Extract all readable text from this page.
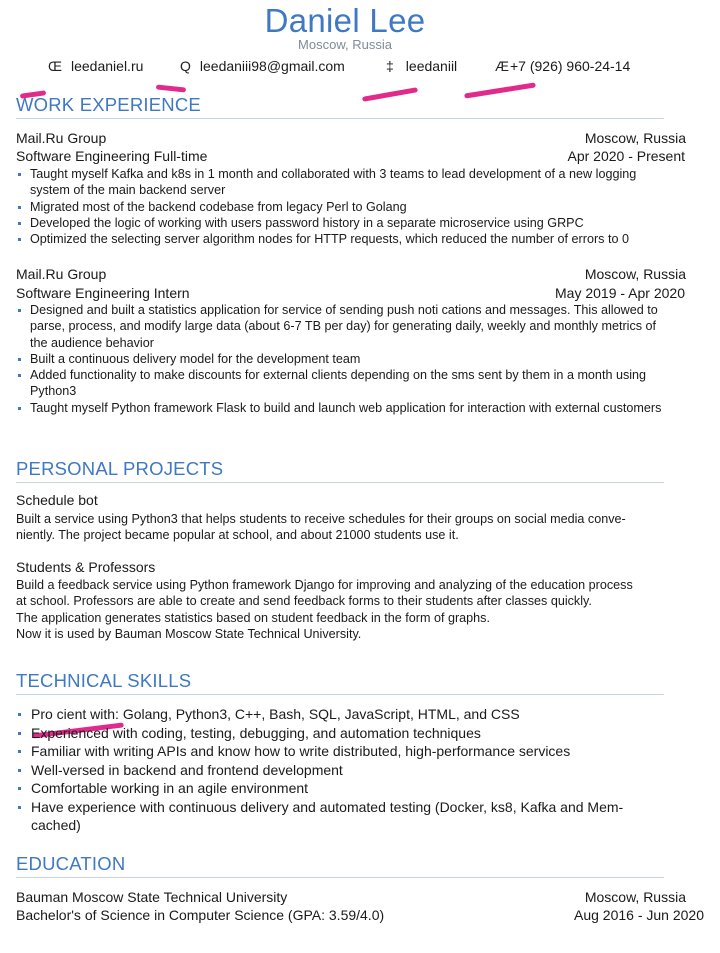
Daniel Lee
Moscow, Russia
Œ leedaniel.ru	Q leedaniii98@gmail.com	‡ leedaniil	Æ+7 (926) 960-24-14
WORK EXPERIENCE
Mail.Ru Group	Moscow, Russia
Software Engineering Full-time	Apr 2020 - Present
Taught myself Kafka and k8s in 1 month and collaborated with 3 teams to lead development of a new logging system of the main backend server
Migrated most of the backend codebase from legacy Perl to Golang
Developed the logic of working with users password history in a separate microservice using GRPC
Optimized the selecting server algorithm nodes for HTTP requests, which reduced the number of errors to 0
Mail.Ru Group	Moscow, Russia
Software Engineering Intern	May 2019 - Apr 2020
Designed and built a statistics application for service of sending push noti cations and messages. This allowed to parse, process, and modify large data (about 6-7 TB per day) for generating daily, weekly and monthly metrics of the audience behavior
Built a continuous delivery model for the development team
Added functionality to make discounts for external clients depending on the sms sent by them in a month using Python3
Taught myself Python framework Flask to build and launch web application for interaction with external customers
PERSONAL PROJECTS
Schedule bot
Built a service using Python3 that helps students to receive schedules for their groups on social media conve-
niently. The project became popular at school, and about 21000 students use it.
Students & Professors
Build a feedback service using Python framework Django for improving and analyzing of the education process
at school. Professors are able to create and send feedback forms to their students after classes quickly.
The application generates statistics based on student feedback in the form of graphs.
Now it is used by Bauman Moscow State Technical University.
TECHNICAL SKILLS
Pro cient with: Golang, Python3, C++, Bash, SQL, JavaScript, HTML, and CSS
Experienced with coding, testing, debugging, and automation techniques
Familiar with writing APIs and know how to write distributed, high-performance services
Well-versed in backend and frontend development
Comfortable working in an agile environment
Have experience with continuous delivery and automated testing (Docker, ks8, Kafka and Mem- cached)
EDUCATION
Bauman Moscow State Technical University	Moscow, Russia
Bachelor's of Science in Computer Science (GPA: 3.59/4.0)	Aug 2016 - Jun 2020
